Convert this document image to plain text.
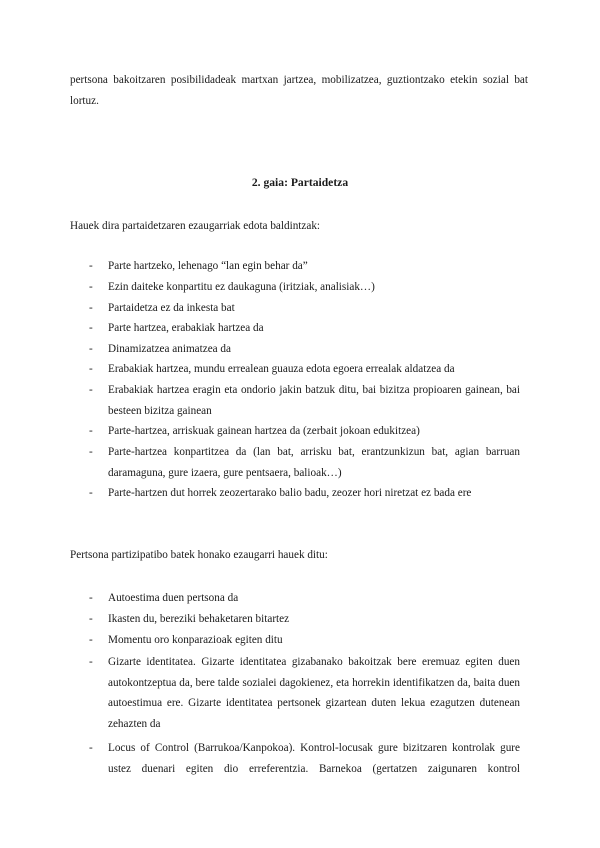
pertsona bakoitzaren posibilidadeak martxan jartzea, mobilizatzea, guztiontzako etekin sozial bat lortuz.
2. gaia: Partaidetza
Hauek dira partaidetzaren ezaugarriak edota baldintzak:
- Parte hartzeko, lehenago “lan egin behar da”
- Ezin daiteke konpartitu ez daukaguna (iritziak, analisiak…)
- Partaidetza ez da inkesta bat
- Parte hartzea, erabakiak hartzea da
- Dinamizatzea animatzea da
- Erabakiak hartzea, mundu errealean guauza edota egoera errealak aldatzea da
- Erabakiak hartzea eragin eta ondorio jakin batzuk ditu, bai bizitza propioaren gainean, bai besteen bizitza gainean
- Parte-hartzea, arriskuak gainean hartzea da (zerbait jokoan edukitzea)
- Parte-hartzea konpartitzea da (lan bat, arrisku bat, erantzunkizun bat, agian barruan daramaguna, gure izaera, gure pentsaera, balioak…)
- Parte-hartzen dut horrek zeozertarako balio badu, zeozer hori niretzat ez bada ere
Pertsona partizipatibo batek honako ezaugarri hauek ditu:
- Autoestima duen pertsona da
- Ikasten du, bereziki behaketaren bitartez
- Momentu oro konparazioak egiten ditu
- Gizarte identitatea. Gizarte identitatea gizabanako bakoitzak bere eremuaz egiten duen autokontzeptua da, bere talde sozialei dagokienez, eta horrekin identifikatzen da, baita duen autoestimua ere. Gizarte identitatea pertsonek gizartean duten lekua ezagutzen dutenean zehazten da
- Locus of Control (Barrukoa/Kanpokoa). Kontrol-locusak gure bizitzaren kontrolak gure ustez duenari egiten dio erreferentzia. Barnekoa (gertatzen zaigunaren kontrol
